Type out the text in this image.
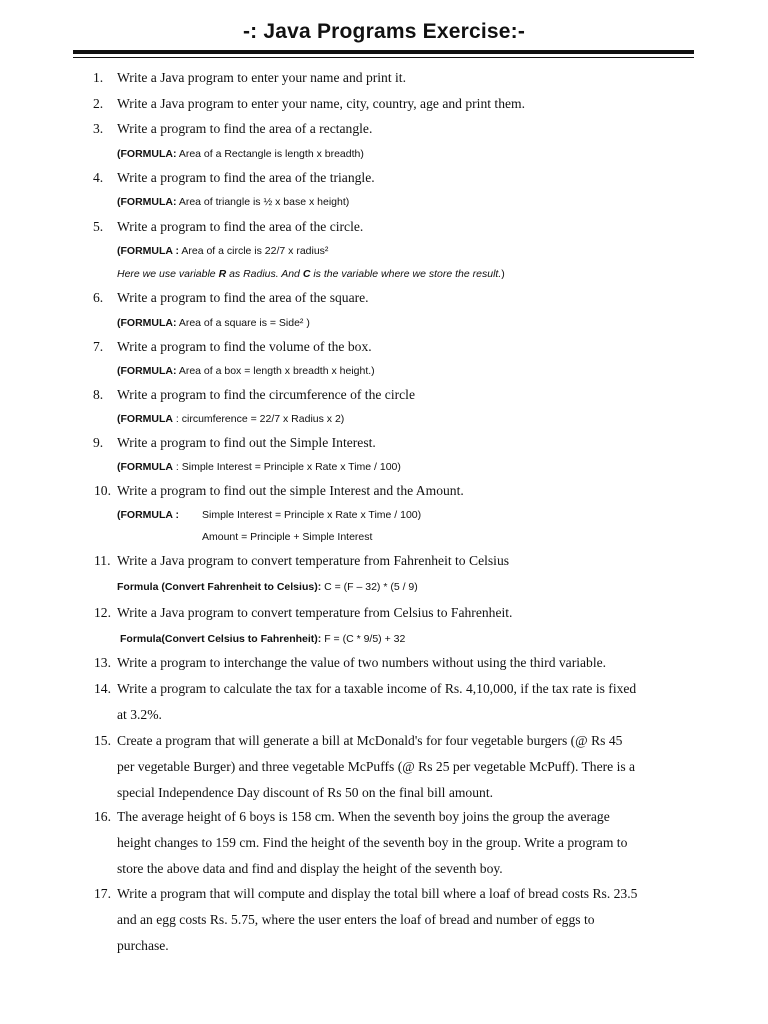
-: Java Programs Exercise:-
1.	Write a Java program to enter your name and print it.
2.	Write a Java program to enter your name, city, country, age and print them.
3.	Write a program to find the area of a rectangle.
(FORMULA: Area of a Rectangle is length x breadth)
4.	Write a program to find the area of the triangle.
(FORMULA: Area of triangle is ½ x base x height)
5.	Write a program to find the area of the circle.
(FORMULA : Area of a circle is 22/7 x radius²
Here we use variable R as Radius. And C is the variable where we store the result.)
6.	Write a program to find the area of the square.
(FORMULA: Area of a square is = Side² )
7.	Write a program to find the volume of the box.
(FORMULA: Area of a box = length x breadth x height.)
8.	Write a program to find the circumference of the circle
(FORMULA : circumference = 22/7 x Radius x 2)
9.	Write a program to find out the Simple Interest.
(FORMULA : Simple Interest = Principle x Rate x Time / 100)
10. Write a program to find out the simple Interest and the Amount.
(FORMULA : Simple Interest = Principle x Rate x Time / 100)
Amount = Principle + Simple Interest
11. Write a Java program to convert temperature from Fahrenheit to Celsius
Formula (Convert Fahrenheit to Celsius): C = (F – 32) * (5 / 9)
12. Write a Java program to convert temperature from Celsius to Fahrenheit.
Formula(Convert Celsius to Fahrenheit): F = (C * 9/5) + 32
13. Write a program to interchange the value of two numbers without using the third variable.
14. Write a program to calculate the tax for a taxable income of Rs. 4,10,000, if the tax rate is fixed
at 3.2%.
15. Create a program that will generate a bill at McDonald's for four vegetable burgers (@ Rs 45
per vegetable Burger) and three vegetable McPuffs (@ Rs 25 per vegetable McPuff). There is a
special Independence Day discount of Rs 50 on the final bill amount.
16. The average height of 6 boys is 158 cm. When the seventh boy joins the group the average
height changes to 159 cm. Find the height of the seventh boy in the group. Write a program to
store the above data and find and display the height of the seventh boy.
17. Write a program that will compute and display the total bill where a loaf of bread costs Rs. 23.5
and an egg costs Rs. 5.75, where the user enters the loaf of bread and number of eggs to
purchase.
